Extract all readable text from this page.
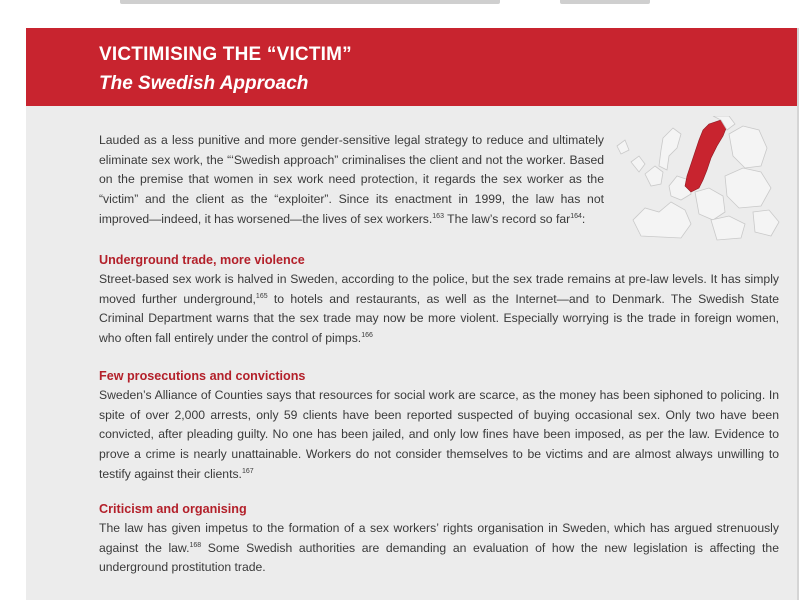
VICTIMISING THE “VICTIM”
The Swedish Approach

Lauded as a less punitive and more gender-sensitive legal strategy to reduce and ultimately eliminate sex work, the “‘Swedish approach” criminalises the client and not the worker. Based on the premise that women in sex work need protection, it regards the sex worker as the “victim” and the client as the “exploiter”. Since its enactment in 1999, the law has not improved—indeed, it has worsened—the lives of sex workers.$^{163}$ The law’s record so far$^{164}$:

Underground trade, more violence

Street-based sex work is halved in Sweden, according to the police, but the sex trade remains at pre-law levels. It has simply moved further underground,$^{165}$ to hotels and restaurants, as well as the Internet—and to Denmark. The Swedish State Criminal Department warns that the sex trade may now be more violent. Especially worrying is the trade in foreign women, who often fall entirely under the control of pimps.$^{166}$

Few prosecutions and convictions

Sweden’s Alliance of Counties says that resources for social work are scarce, as the money has been siphoned to policing. In spite of over 2,000 arrests, only 59 clients have been reported suspected of buying occasional sex. Only two have been convicted, after pleading guilty. No one has been jailed, and only low fines have been imposed, as per the law. Evidence to prove a crime is nearly unattainable. Workers do not consider themselves to be victims and are almost always unwilling to testify against their clients.$^{167}$

Criticism and organising

The law has given impetus to the formation of a sex workers’ rights organisation in Sweden, which has argued strenuously against the law.$^{168}$ Some Swedish authorities are demanding an evaluation of how the new legislation is affecting the underground prostitution trade.
